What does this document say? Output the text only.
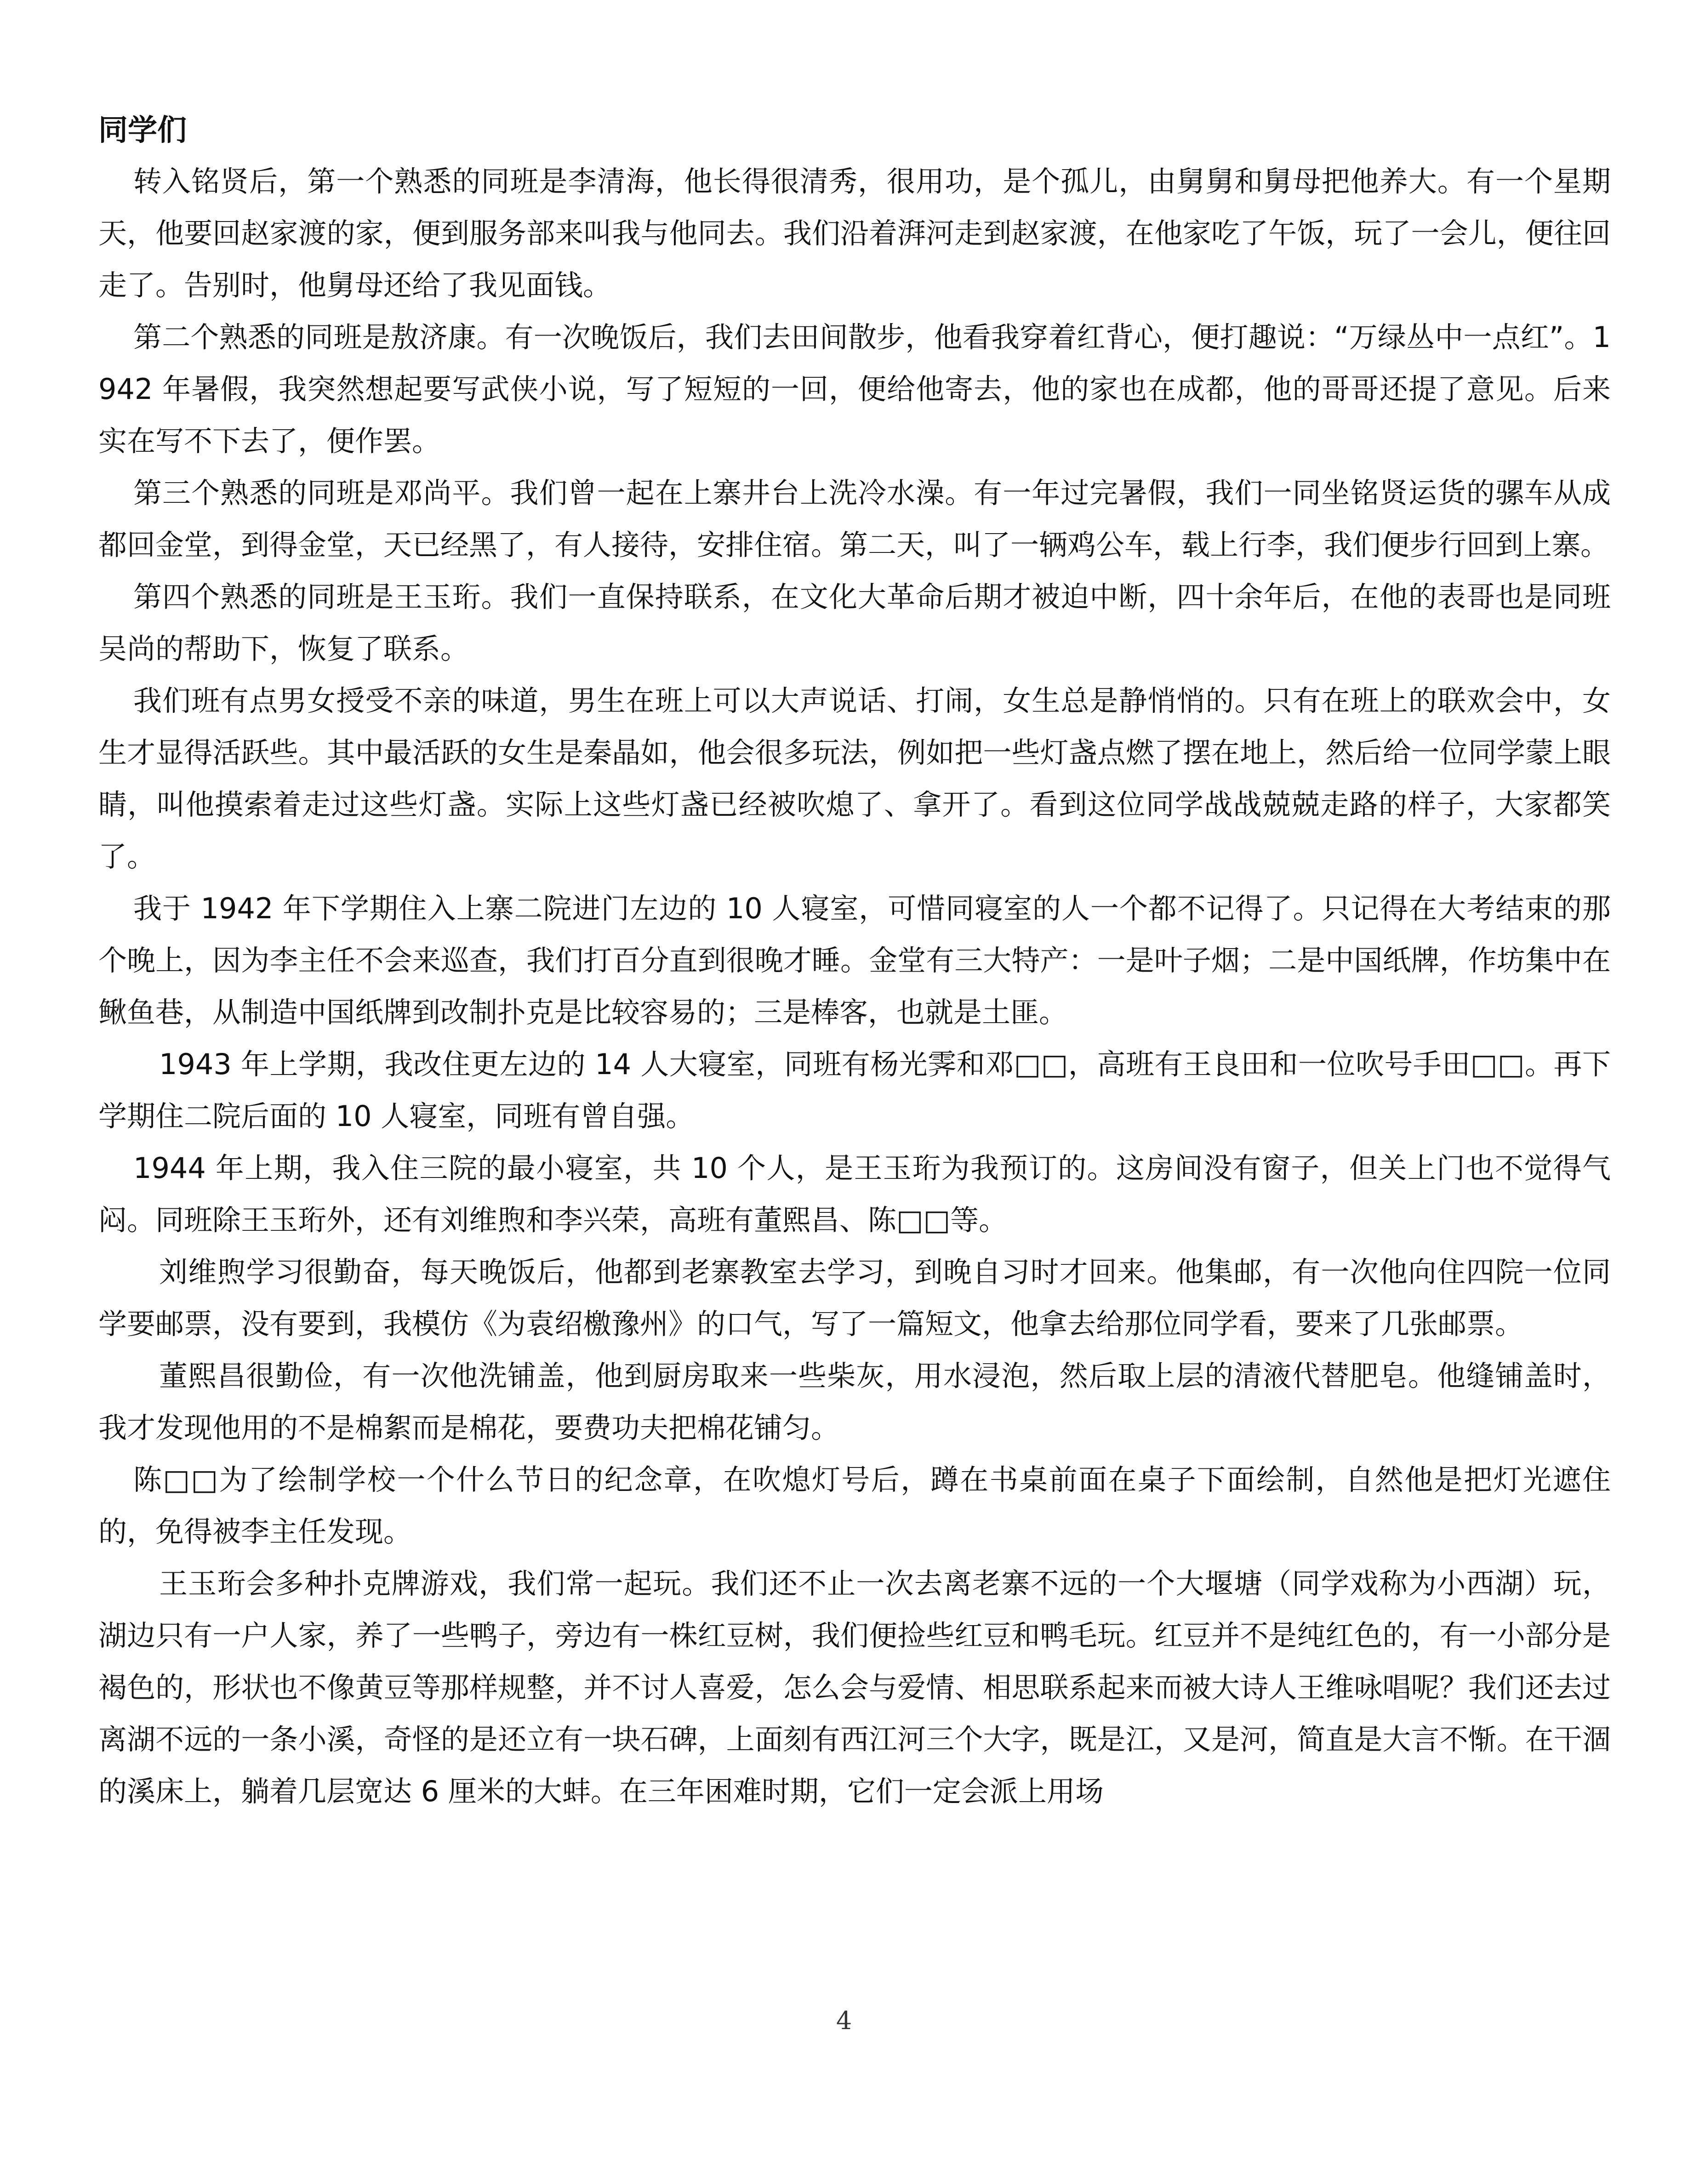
同学们

转入铭贤后，第一个熟悉的同班是李清海，他长得很清秀，很用功，是个孤儿，由舅舅和舅母把他养大。有一个星期天，他要回赵家渡的家，便到服务部来叫我与他同去。我们沿着湃河走到赵家渡，在他家吃了午饭，玩了一会儿，便往回走了。告别时，他舅母还给了我见面钱。

第二个熟悉的同班是敖济康。有一次晚饭后，我们去田间散步，他看我穿着红背心，便打趣说：“万绿丛中一点红”。1942 年暑假，我突然想起要写武侠小说，写了短短的一回，便给他寄去，他的家也在成都，他的哥哥还提了意见。后来实在写不下去了，便作罢。

第三个熟悉的同班是邓尚平。我们曾一起在上寨井台上洗冷水澡。有一年过完暑假，我们一同坐铭贤运货的骡车从成都回金堂，到得金堂，天已经黑了，有人接待，安排住宿。第二天，叫了一辆鸡公车，载上行李，我们便步行回到上寨。

第四个熟悉的同班是王玉珩。我们一直保持联系，在文化大革命后期才被迫中断，四十余年后，在他的表哥也是同班吴尚的帮助下，恢复了联系。

我们班有点男女授受不亲的味道，男生在班上可以大声说话、打闹，女生总是静悄悄的。只有在班上的联欢会中，女生才显得活跃些。其中最活跃的女生是秦晶如，他会很多玩法，例如把一些灯盏点燃了摆在地上，然后给一位同学蒙上眼睛，叫他摸索着走过这些灯盏。实际上这些灯盏已经被吹熄了、拿开了。看到这位同学战战兢兢走路的样子，大家都笑了。

我于 1942 年下学期住入上寨二院进门左边的 10 人寝室，可惜同寝室的人一个都不记得了。只记得在大考结束的那个晚上，因为李主任不会来巡查，我们打百分直到很晚才睡。金堂有三大特产：一是叶子烟；二是中国纸牌，作坊集中在鳅鱼巷，从制造中国纸牌到改制扑克是比较容易的；三是棒客，也就是土匪。

1943 年上学期，我改住更左边的 14 人大寝室，同班有杨光霁和邓□□，高班有王良田和一位吹号手田□□。再下学期住二院后面的 10 人寝室，同班有曾自强。

1944 年上期，我入住三院的最小寝室，共 10 个人，是王玉珩为我预订的。这房间没有窗子，但关上门也不觉得气闷。同班除王玉珩外，还有刘维煦和李兴荣，高班有董熙昌、陈□□等。

刘维煦学习很勤奋，每天晚饭后，他都到老寨教室去学习，到晚自习时才回来。他集邮，有一次他向住四院一位同学要邮票，没有要到，我模仿《为袁绍檄豫州》的口气，写了一篇短文，他拿去给那位同学看，要来了几张邮票。

董熙昌很勤俭，有一次他洗铺盖，他到厨房取来一些柴灰，用水浸泡，然后取上层的清液代替肥皂。他缝铺盖时，我才发现他用的不是棉絮而是棉花，要费功夫把棉花铺匀。

陈□□为了绘制学校一个什么节日的纪念章，在吹熄灯号后，蹲在书桌前面在桌子下面绘制，自然他是把灯光遮住的，免得被李主任发现。

王玉珩会多种扑克牌游戏，我们常一起玩。我们还不止一次去离老寨不远的一个大堰塘（同学戏称为小西湖）玩，湖边只有一户人家，养了一些鸭子，旁边有一株红豆树，我们便捡些红豆和鸭毛玩。红豆并不是纯红色的，有一小部分是褐色的，形状也不像黄豆等那样规整，并不讨人喜爱，怎么会与爱情、相思联系起来而被大诗人王维咏唱呢？我们还去过离湖不远的一条小溪，奇怪的是还立有一块石碑，上面刻有西江河三个大字，既是江，又是河，简直是大言不惭。在干涸的溪床上，躺着几层宽达 6 厘米的大蚌。在三年困难时期，它们一定会派上用场

4
